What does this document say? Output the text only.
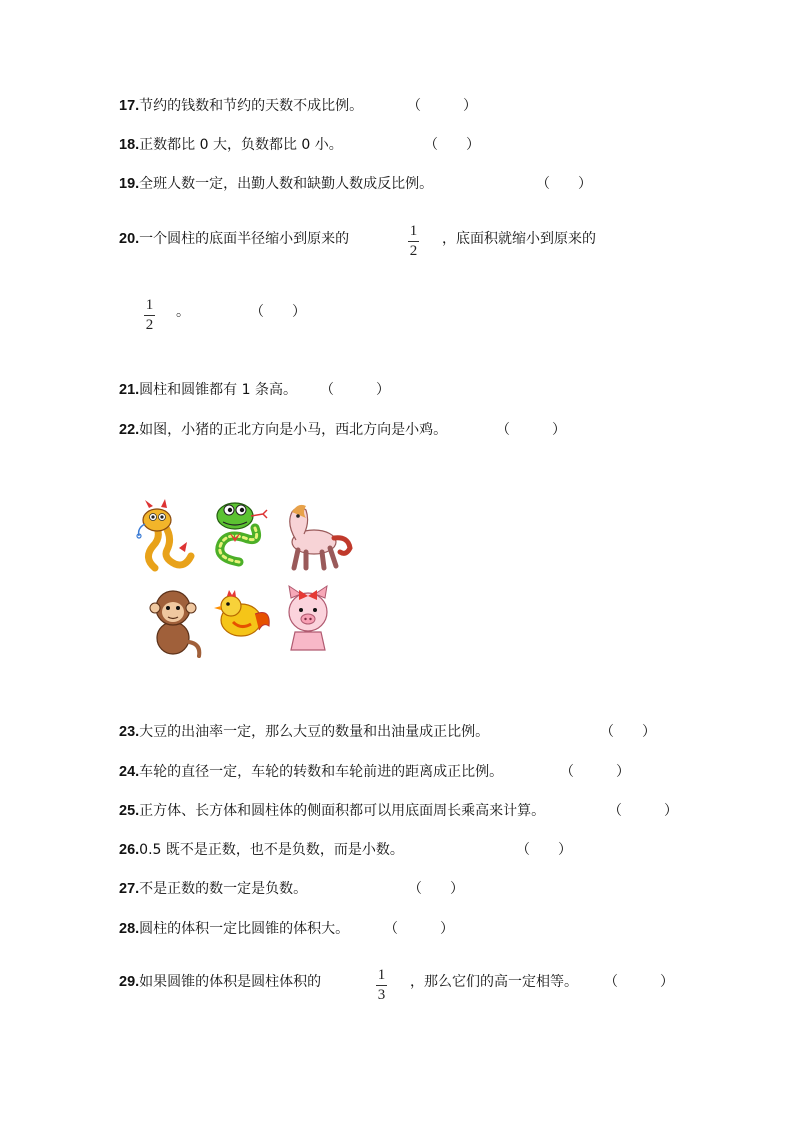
17.节约的钱数和节约的天数不成比例。	（　　　）
18.正数都比 0 大，负数都比 0 小。	（　　）
19.全班人数一定，出勤人数和缺勤人数成反比例。	（　　）
20.一个圆柱的底面半径缩小到原来的	1
2
，底面积就缩小到原来的
1
2
。	（　　）
21.圆柱和圆锥都有 1 条高。 （　　　）
22.如图，小猪的正北方向是小马，西北方向是小鸡。	（　　　）
23.大豆的出油率一定，那么大豆的数量和出油量成正比例。	（　　）
24.车轮的直径一定，车轮的转数和车轮前进的距离成正比例。	（　　　）
25.正方体、长方体和圆柱体的侧面积都可以用底面周长乘高来计算。	（　　　）
26.0.5 既不是正数，也不是负数，而是小数。	（　　）
27.不是正数的数一定是负数。	（　　）
28.圆柱的体积一定比圆锥的体积大。 （　　　）
29.如果圆锥的体积是圆柱体积的	1
3
，那么它们的高一定相等。 （　　　）
